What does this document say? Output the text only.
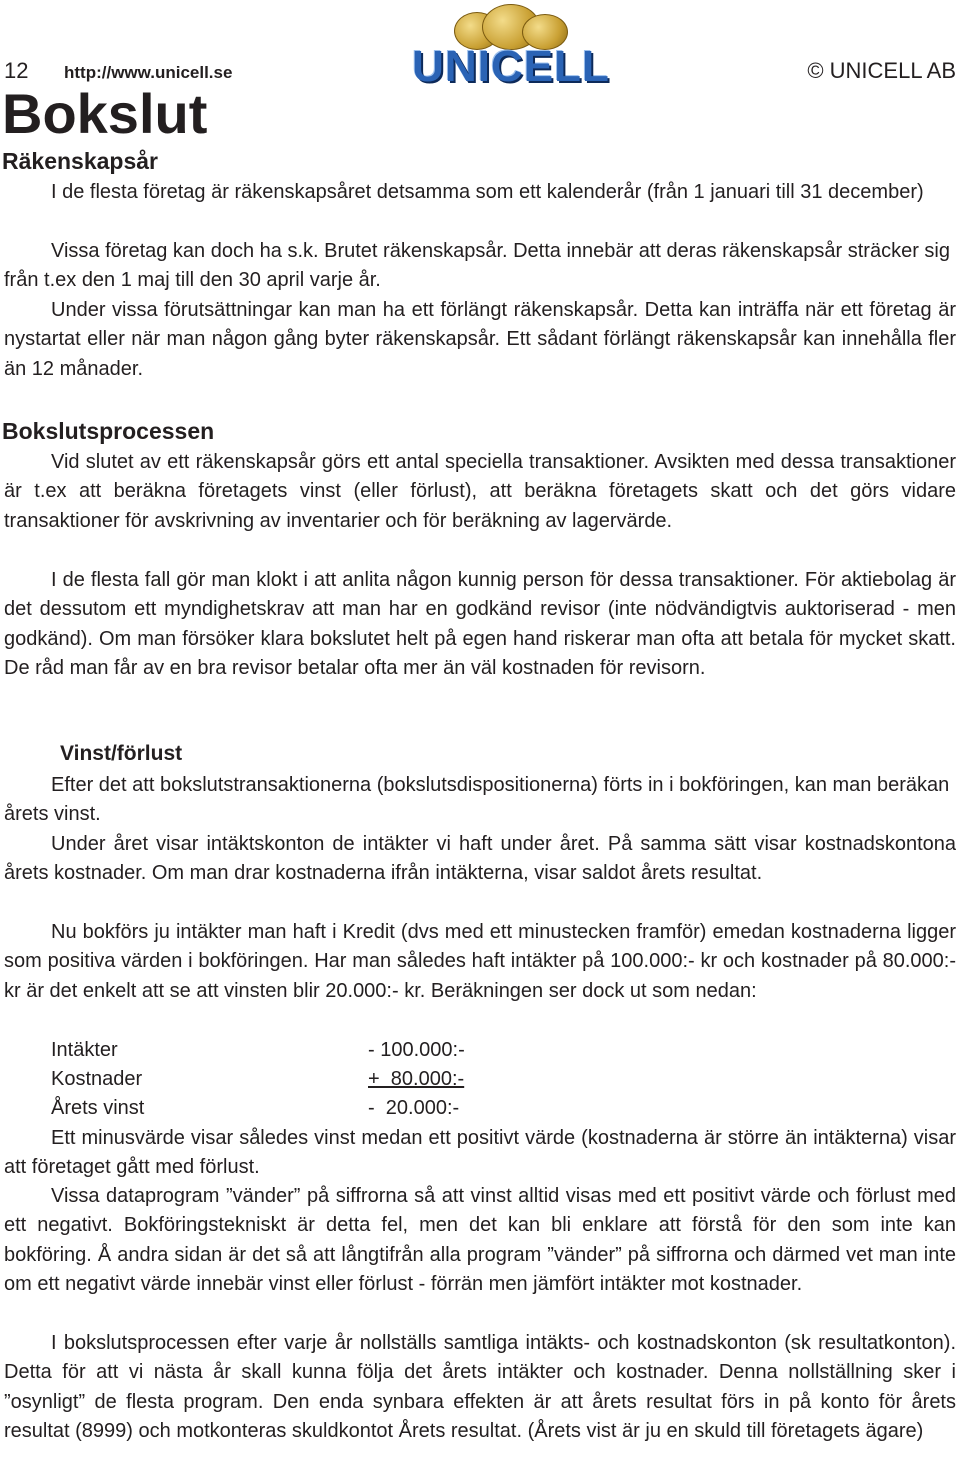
12 http://www.unicell.se	UNICELL	© UNICELL AB
Bokslut
Räkenskapsår

I de flesta företag är räkenskapsåret detsamma som ett kalenderår (från 1 januari till 31 december)

Vissa företag kan doch ha s.k. Brutet räkenskapsår. Detta innebär att deras räkenskapsår sträcker sig från t.ex den 1 maj till den 30 april varje år.

Under vissa förutsättningar kan man ha ett förlängt räkenskapsår. Detta kan inträffa när ett företag är nystartat eller när man någon gång byter räkenskapsår. Ett sådant förlängt räkenskapsår kan innehålla fler än 12 månader.

Bokslutsprocessen

Vid slutet av ett räkenskapsår görs ett antal speciella transaktioner. Avsikten med dessa transaktioner är t.ex att beräkna företagets vinst (eller förlust), att beräkna företagets skatt och det görs vidare transaktioner för avskrivning av inventarier och för beräkning av lagervärde.

I de flesta fall gör man klokt i att anlita någon kunnig person för dessa transaktioner. För aktiebolag är det dessutom ett myndighetskrav att man har en godkänd revisor (inte nödvändigtvis auktoriserad - men godkänd). Om man försöker klara bokslutet helt på egen hand riskerar man ofta att betala för mycket skatt. De råd man får av en bra revisor betalar ofta mer än väl kostnaden för revisorn.

Vinst/förlust

Efter det att bokslutstransaktionerna (bokslutsdispositionerna) förts in i bokföringen, kan man beräkan årets vinst.

Under året visar intäktskonton de intäkter vi haft under året. På samma sätt visar kostnadskontona årets kostnader. Om man drar kostnaderna ifrån intäkterna, visar saldot årets resultat.

Nu bokförs ju intäkter man haft i Kredit (dvs med ett minustecken framför) emedan kostnaderna ligger som positiva värden i bokföringen. Har man således haft intäkter på 100.000:- kr och kostnader på 80.000:- kr är det enkelt att se att vinsten blir 20.000:- kr. Beräkningen ser dock ut som nedan:

Intäkter	- 100.000:-
Kostnader	+  80.000:-
Årets vinst	-  20.000:-

Ett minusvärde visar således vinst medan ett positivt värde (kostnaderna är större än intäkterna) visar att företaget gått med förlust.

Vissa dataprogram ”vänder” på siffrorna så att vinst alltid visas med ett positivt värde och förlust med ett negativt. Bokföringstekniskt är detta fel, men det kan bli enklare att förstå för den som inte kan bokföring. Å andra sidan är det så att långtifrån alla program ”vänder” på siffrorna och därmed vet man inte om ett negativt värde innebär vinst eller förlust - förrän men jämfört intäkter mot kostnader.

I bokslutsprocessen efter varje år nollställs samtliga intäkts- och kostnadskonton (sk resultatkonton). Detta för att vi nästa år skall kunna följa det årets intäkter och kostnader. Denna nollställning sker i ”osynligt” de flesta program. Den enda synbara effekten är att årets resultat förs in på konto för årets resultat (8999) och motkonteras skuldkontot Årets resultat. (Årets vist är ju en skuld till företagets ägare)
